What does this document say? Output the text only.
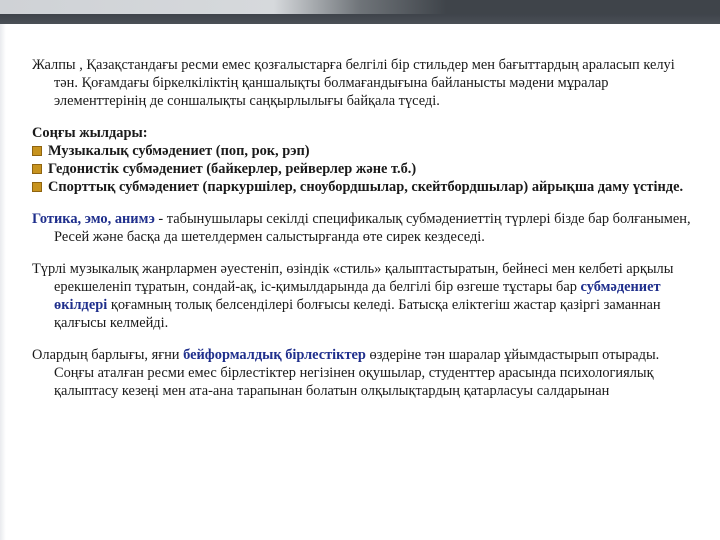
Жалпы , Қазақстандағы ресми емес қозғалыстарға белгілі бір стильдер мен бағыттардың араласып келуі тән. Қоғамдағы біркелкіліктің қаншалықты болмағандығына байланысты мәдени мұралар элементтерінің де соншалықты саңқырлылығы байқала түседі.

Соңғы жылдары:

Музыкалық субмәдениет (поп, рок, рэп)

Гедонистік субмәдениет (байкерлер, рейверлер және т.б.)

Спорттық субмәдениет (паркуршілер, сноубордшылар, скейтбордшылар) айрықша даму үстінде.

Готика, эмо, анимэ - табынушылары секілді спецификалық субмәдениеттің түрлері бізде бар болғанымен, Ресей және басқа да шетелдермен салыстырғанда өте сирек кездеседі.

Түрлі музыкалық жанрлармен әуестеніп, өзіндік «стиль» қалыптастыратын, бейнесі мен келбеті арқылы ерекшеленіп тұратын, сондай-ақ, іс-қимылдарында да белгілі бір өзгеше тұстары бар субмәдениет өкілдері қоғамның толық белсенділері болғысы келеді. Батысқа еліктегіш жастар қазіргі заманнан қалғысы келмейді.

Олардың барлығы, яғни бейформалдық бірлестіктер өздеріне тән шаралар ұйымдастырып отырады. Соңғы аталған ресми емес бірлестіктер негізінен оқушылар, студенттер арасында психологиялық қалыптасу кезеңі мен ата-ана тарапынан болатын олқылықтардың қатарласуы салдарынан
